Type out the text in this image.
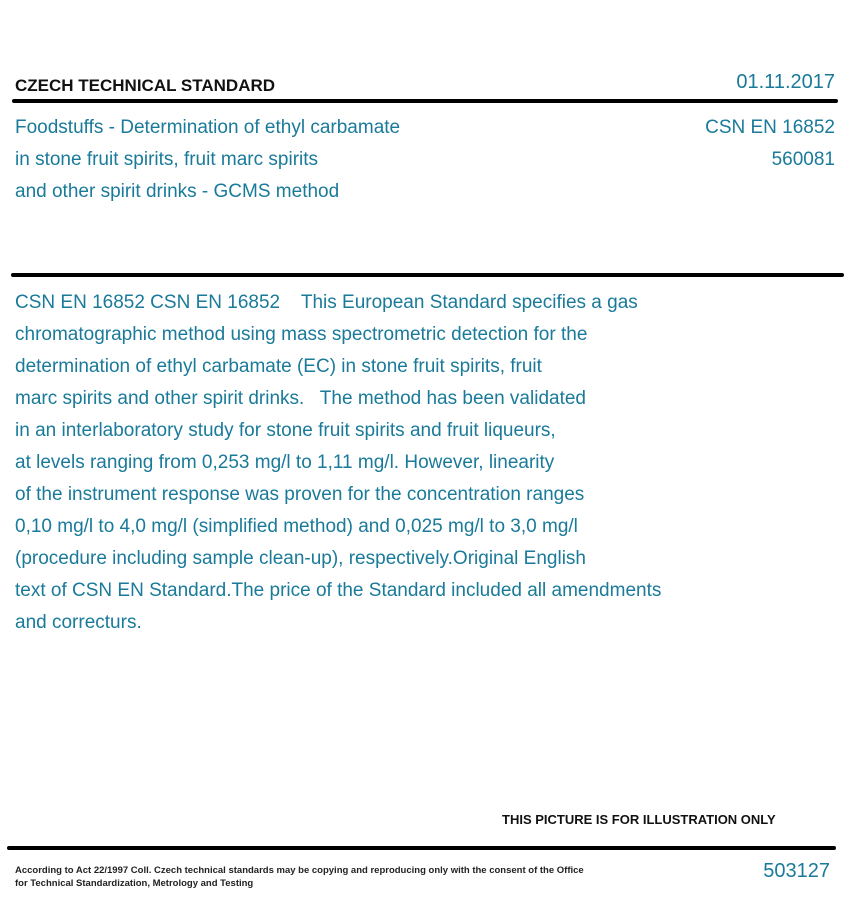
CZECH TECHNICAL STANDARD	01.11.2017
Foodstuffs - Determination of ethyl carbamate
in stone fruit spirits, fruit marc spirits
and other spirit drinks - GCMS method
CSN EN 16852
560081
CSN EN 16852 CSN EN 16852    This European Standard specifies a gas
chromatographic method using mass spectrometric detection for the
determination of ethyl carbamate (EC) in stone fruit spirits, fruit
marc spirits and other spirit drinks.   The method has been validated
in an interlaboratory study for stone fruit spirits and fruit liqueurs,
at levels ranging from 0,253 mg/l to 1,11 mg/l. However, linearity
of the instrument response was proven for the concentration ranges
0,10 mg/l to 4,0 mg/l (simplified method) and 0,025 mg/l to 3,0 mg/l
(procedure including sample clean-up), respectively.Original English
text of CSN EN Standard.The price of the Standard included all amendments
and correcturs.
THIS PICTURE IS FOR ILLUSTRATION ONLY
According to Act 22/1997 Coll. Czech technical standards may be copying and reproducing only with the consent of the Office
for Technical Standardization, Metrology and Testing
503127
